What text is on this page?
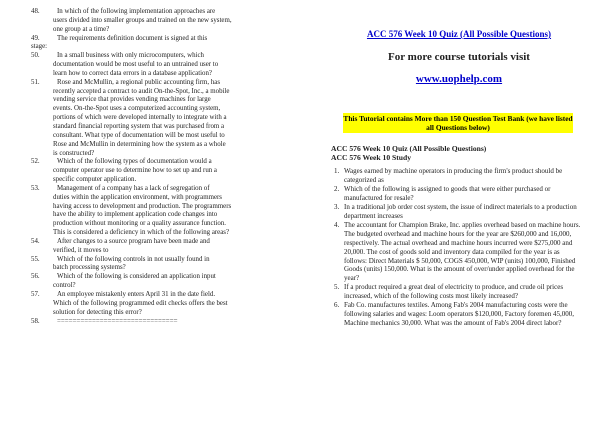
48.	In which of the following implementation approaches are
users divided into smaller groups and trained on the new system,
one group at a time?
49.	The requirements definition document is signed at this
stage:
50.	In a small business with only microcomputers, which
documentation would be most useful to an untrained user to
learn how to correct data errors in a database application?
51.	Rose and McMullin, a regional public accounting firm, has
recently accepted a contract to audit On-the-Spot, Inc., a mobile
vending service that provides vending machines for large
events. On-the-Spot uses a computerized accounting system,
portions of which were developed internally to integrate with a
standard financial reporting system that was purchased from a
consultant. What type of documentation will be most useful to
Rose and McMullin in determining how the system as a whole
is constructed?
52.	Which of the following types of documentation would a
computer operator use to determine how to set up and run a
specific computer application.
53.	Management of a company has a lack of segregation of
duties within the application environment, with programmers
having access to development and production. The programmers
have the ability to implement application code changes into
production without monitoring or a quality assurance function.
This is considered a deficiency in which of the following areas?
54.	After changes to a source program have been made and
verified, it moves to
55.	Which of the following controls in not usually found in
batch processing systems?
56.	Which of the following is considered an application input
control?
57.	An employee mistakenly enters April 31 in the date field.
Which of the following programmed edit checks offers the best
solution for detecting this error?
58.	===============================
ACC 576 Week 10 Quiz (All Possible Questions)
For more course tutorials visit
www.uophelp.com
This Tutorial contains More than 150 Question Test Bank (we have listed all Questions below)
ACC 576 Week 10 Quiz (All Possible Questions)
ACC 576 Week 10 Study
1. Wages earned by machine operators in producing the firm's product should be categorized as
2. Which of the following is assigned to goods that were either purchased or manufactured for resale?
3. In a traditional job order cost system, the issue of indirect materials to a production department increases
4. The accountant for Champion Brake, Inc. applies overhead based on machine hours. The budgeted overhead and machine hours for the year are $260,000 and 16,000, respectively. The actual overhead and machine hours incurred were $275,000 and 20,000. The cost of goods sold and inventory data compiled for the year is as follows: Direct Materials $ 50,000, COGS 450,000, WIP (units) 100,000, Finished Goods (units) 150,000. What is the amount of over/under applied overhead for the year?
5. If a product required a great deal of electricity to produce, and crude oil prices increased, which of the following costs most likely increased?
6. Fab Co. manufactures textiles. Among Fab's 2004 manufacturing costs were the following salaries and wages: Loom operators $120,000, Factory foremen 45,000, Machine mechanics 30,000. What was the amount of Fab's 2004 direct labor?
